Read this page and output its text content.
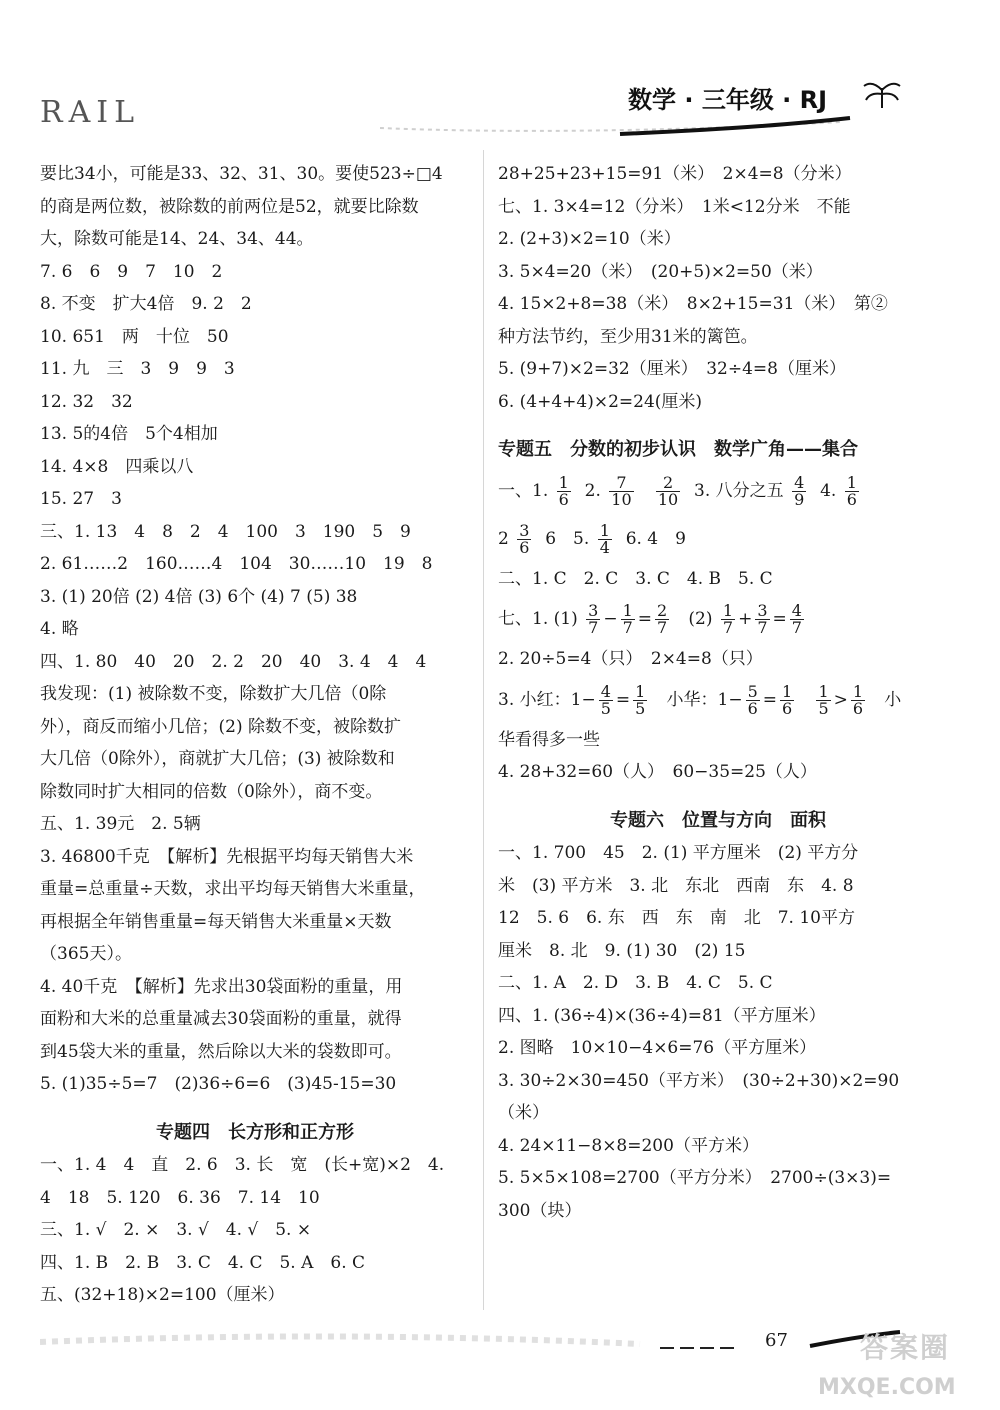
RAIL	数学 · 三年级 · RJ
要比34小，可能是33、32、31、30。要使523÷□4
的商是两位数，被除数的前两位是52，就要比除数
大，除数可能是14、24、34、44。
7. 6　6　9　7　10　2
8. 不变　扩大4倍　9. 2　2
10. 651　两　十位　50
11. 九　三　3　9　9　3
12. 32　32
13. 5的4倍　5个4相加
14. 4×8　四乘以八
15. 27　3
三、1. 13　4　8　2　4　100　3　190　5　9
2. 61……2　160……4　104　30……10　19　8
3. (1) 20倍 (2) 4倍 (3) 6个 (4) 7 (5) 38
4. 略
四、1. 80　40　20　2. 2　20　40　3. 4　4　4
我发现：(1) 被除数不变，除数扩大几倍（0除
外），商反而缩小几倍；(2) 除数不变，被除数扩
大几倍（0除外），商就扩大几倍；(3) 被除数和
除数同时扩大相同的倍数（0除外），商不变。
五、1. 39元　2. 5辆
3. 46800千克　【解析】先根据平均每天销售大米
重量=总重量÷天数，求出平均每天销售大米重量，
再根据全年销售重量=每天销售大米重量×天数
（365天）。
4. 40千克　【解析】先求出30袋面粉的重量，用
面粉和大米的总重量减去30袋面粉的重量，就得
到45袋大米的重量，然后除以大米的袋数即可。
5. (1)35÷5=7　(2)36÷6=6　(3)45-15=30
专题四　长方形和正方形
一、1. 4　4　直　2. 6　3. 长　宽　(长+宽)×2　4.
4　18　5. 120　6. 36　7. 14　10
三、1. √　2. ×　3. √　4. √　5. ×
四、1. B　2. B　3. C　4. C　5. A　6. C
五、(32+18)×2=100（厘米）
28+25+23+15=91（米）　2×4=8（分米）
七、1. 3×4=12（分米）　1米<12分米　不能
2. (2+3)×2=10（米）
3. 5×4=20（米）　(20+5)×2=50（米）
4. 15×2+8=38（米）　8×2+15=31（米）　第②
种方法节约，至少用31米的篱笆。
5. (9+7)×2=32（厘米）　32÷4=8（厘米）
6. (4+4+4)×2=24(厘米)
专题五　分数的初步认识　数学广角——集合
一、1. $\frac{1}{6} 2$. $\frac{7}{10}$
$\frac{2}{10} 3$. 八分之五 $\frac{4}{9} 4$. $\frac{1}{6}$
$2 \frac{3}{6} 6$　5. $\frac{1}{4} 6$. 4　9
二、1. C　2. C　3. C　4. B　5. C
七、1. $(1) \frac{3}{7} - \frac{1}{7} = \frac{2}{7} (2) \frac{1}{7} + \frac{3}{7} = \frac{4}{7}$
2. 20÷5=4（只）　2×4=8（只）
3. 小红：$1- \frac{4}{5} = \frac{1}{5}$ 小华：$1- \frac{5}{6} = \frac{1}{6}$
$\frac{1}{5} > \frac{1}{6}$ 小
华看得多一些
4. 28+32=60（人）　60−35=25（人）
专题六　位置与方向　面积
一、1. 700　45　2. (1) 平方厘米　(2) 平方分
米　(3) 平方米　3. 北　东北　西南　东　4. 8
12　5. 6　6. 东　西　东　南　北　7. 10平方
厘米　8. 北　9. (1) 30　(2) 15
二、1. A　2. D　3. B　4. C　5. C
四、1. (36÷4)×(36÷4)=81（平方厘米）
2. 图略　10×10−4×6=76（平方厘米）
3. 30÷2×30=450（平方米）　(30÷2+30)×2=90
（米）
4. 24×11−8×8=200（平方米）
5. 5×5×108=2700（平方分米）　2700÷(3×3)=
300（块）
67	答案圈
MXQE.COM
